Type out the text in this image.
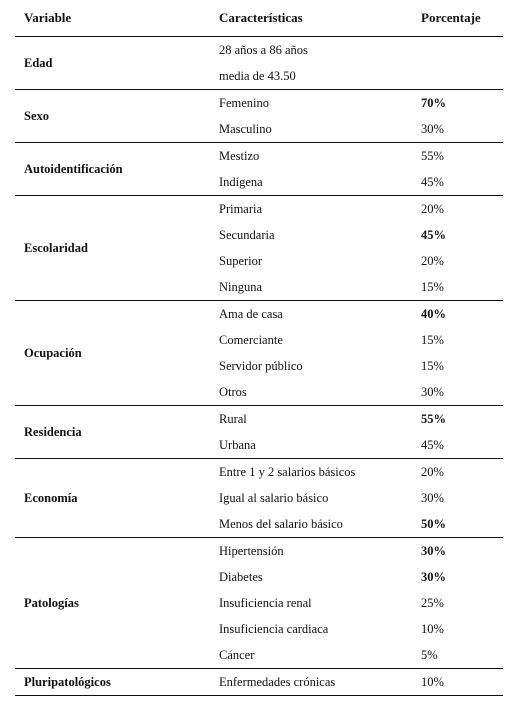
Variable	Características	Porcentaje
Edad	28 años a 86 años	
	media de 43.50	
Sexo	Femenino	70%
	Masculino	30%
Autoidentificación	Mestizo	55%
	Indígena	45%
Escolaridad	Primaria	20%
	Secundaria	45%
	Superior	20%
	Ninguna	15%
Ocupación	Ama de casa	40%
	Comerciante	15%
	Servidor público	15%
	Otros	30%
Residencia	Rural	55%
	Urbana	45%
Economía	Entre 1 y 2 salarios básicos	20%
	Igual al salario básico	30%
	Menos del salario básico	50%
Patologías	Hipertensión	30%
	Diabetes	30%
	Insuficiencia renal	25%
	Insuficiencia cardiaca	10%
	Cáncer	5%
Pluripatológicos	Enfermedades crónicas	10%
